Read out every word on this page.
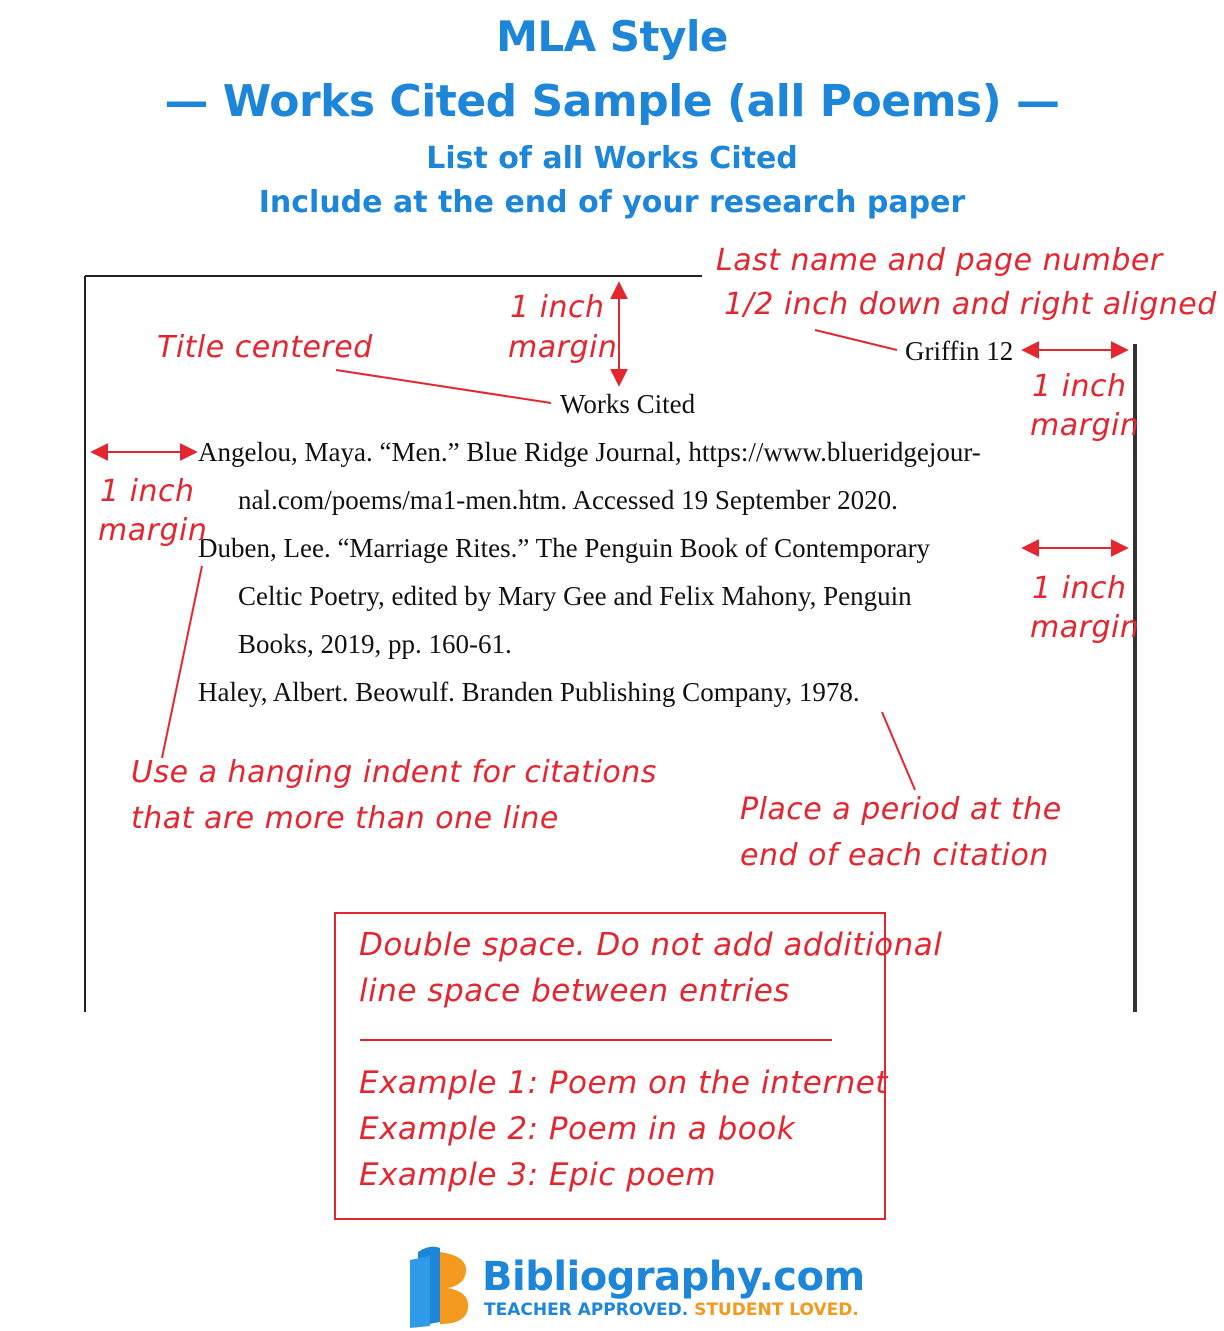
MLA Style
— Works Cited Sample (all Poems) —
List of all Works Cited
Include at the end of your research paper
Griffin 12
Works Cited
Angelou, Maya. “Men.” Blue Ridge Journal, https://www.blueridgejour-
nal.com/poems/ma1-men.htm. Accessed 19 September 2020.
Duben, Lee. “Marriage Rites.” The Penguin Book of Contemporary
Celtic Poetry, edited by Mary Gee and Felix Mahony, Penguin
Books, 2019, pp. 160-61.
Haley, Albert. Beowulf. Branden Publishing Company, 1978.
1 inch
margin
Last name and page number
1/2 inch down and right aligned
Title centered
1 inch
margin
1 inch
margin
1 inch
margin
Use a hanging indent for citations
that are more than one line	Place a period at the
end of each citation
Double space. Do not add additional
line space between entries
Example 1: Poem on the internet
Example 2: Poem in a book
Example 3: Epic poem
Bibliography.com
TEACHER APPROVED. STUDENT LOVED.
